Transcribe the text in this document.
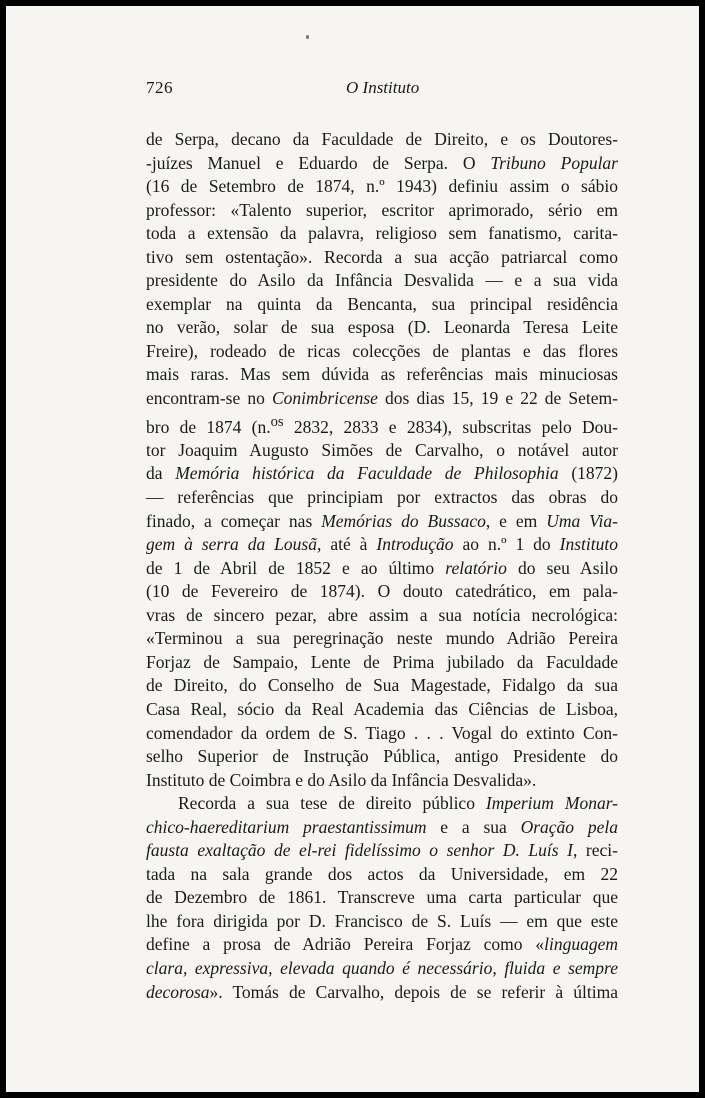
726	O Instituto
de Serpa, decano da Faculdade de Direito, e os Doutores-
-juízes Manuel e Eduardo de Serpa. O Tribuno Popular
(16 de Setembro de 1874, n.º 1943) definiu assim o sábio
professor: «Talento superior, escritor aprimorado, sério em
toda a extensão da palavra, religioso sem fanatismo, carita-
tivo sem ostentação». Recorda a sua acção patriarcal como
presidente do Asilo da Infância Desvalida — e a sua vida
exemplar na quinta da Bencanta, sua principal residência
no verão, solar de sua esposa (D. Leonarda Teresa Leite
Freire), rodeado de ricas colecções de plantas e das flores
mais raras. Mas sem dúvida as referências mais minuciosas
encontram-se no Conimbricense dos dias 15, 19 e 22 de Setem-
bro de 1874 (n.$^{os}$ 2832, 2833 e 2834), subscritas pelo Dou-
tor Joaquim Augusto Simões de Carvalho, o notável autor
da Memória histórica da Faculdade de Philosophia (1872)
— referências que principiam por extractos das obras do
finado, a começar nas Memórias do Bussaco, e em Uma Via-
gem à serra da Lousã, até à Introdução ao n.º 1 do Instituto
de 1 de Abril de 1852 e ao último relatório do seu Asilo
(10 de Fevereiro de 1874). O douto catedrático, em pala-
vras de sincero pezar, abre assim a sua notícia necrológica:
«Terminou a sua peregrinação neste mundo Adrião Pereira
Forjaz de Sampaio, Lente de Prima jubilado da Faculdade
de Direito, do Conselho de Sua Magestade, Fidalgo da sua
Casa Real, sócio da Real Academia das Ciências de Lisboa,
comendador da ordem de S. Tiago . . . Vogal do extinto Con-
selho Superior de Instrução Pública, antigo Presidente do
Instituto de Coimbra e do Asilo da Infância Desvalida».
Recorda a sua tese de direito público Imperium Monar-
chico-haereditarium praestantissimum e a sua Oração pela
fausta exaltação de el-rei fidelíssimo o senhor D. Luís I, reci-
tada na sala grande dos actos da Universidade, em 22
de Dezembro de 1861. Transcreve uma carta particular que
lhe fora dirigida por D. Francisco de S. Luís — em que este
define a prosa de Adrião Pereira Forjaz como «linguagem
clara, expressiva, elevada quando é necessário, fluida e sempre
decorosa». Tomás de Carvalho, depois de se referir à última
